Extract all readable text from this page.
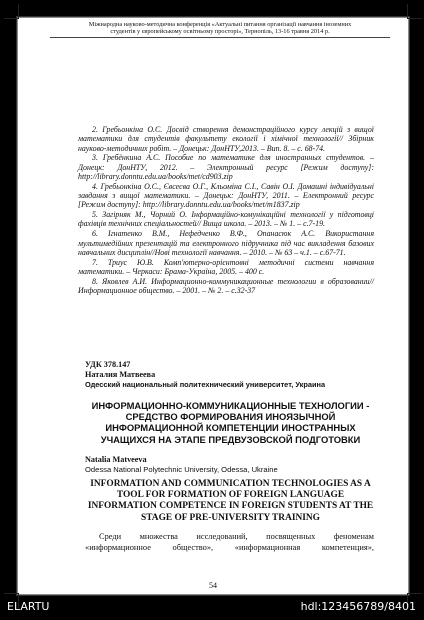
Міжнародна науково-методична конференція «Актуальні питання організації навчання іноземних
студентів у європейському освітньому просторі», Тернопіль, 13-16 травня 2014 р.

2. Гребьонкіна О.С. Досвід створення демонстраційного курсу лекцій з вищої математики для студентів факультету екології і хімічної технології// Збірник науково-методичних робіт. – Донецьк: ДонНТУ,2013. – Вип. 8. – с. 68-74.

3. Гребёнкина А.С. Пособие по математике для иностранных студентов. – Донецк: ДонНТУ, 2012. – Электронный ресурс [Режим доступу]: http://library.donntu.edu.ua/books/met/cd903.zip

4. Гребьонкіна О.С., Євсеєва О.Г., Кльоміна С.І., Савін О.І. Домашні індивідуальні завдання з вищої математики. – Донецьк: ДонНТУ, 2011. – Електронний ресурс [Режим доступу]: http://library.donntu.edu.ua/books/met/m1837.zip

5. Загірняк М., Чорний О. Інформаційно-комунікаційні технології у підготовці фахівців технічних спеціальностей// Вища школа. – 2013. – № 1. – с.7-19.

6. Ігнатенко В.М., Нефедченко В.Ф., Опанасюк А.С. Використання мультимедійних презентацій та електронного підручника під час викладення базових навчальних дисциплін//Нові технології навчання. – 2010. – № 63 – ч.1. – с.67-71.

7. Триус Ю.В. Комп'ютерно-орієнтовні методичні системи навчання математики. – Черкаси: Брама-Україна, 2005. – 400 с.

8. Яковлев А.И. Информационно-коммуникационные технологии в образовании// Информационное общество. – 2001. – № 2. – с.32-37

УДК 378.147
Наталия Матвеева
Одесский национальный политехнический университет, Украина
ИНФОРМАЦИОННО-КОММУНИКАЦИОННЫЕ ТЕХНОЛОГИИ - СРЕДСТВО ФОРМИРОВАНИЯ ИНОЯЗЫЧНОЙ ИНФОРМАЦИОННОЙ КОМПЕТЕНЦИИ ИНОСТРАННЫХ УЧАЩИХСЯ НА ЭТАПЕ ПРЕДВУЗОВСКОЙ ПОДГОТОВКИ
Natalia Matveeva
Odessa National Polytechnic University, Odessa, Ukraine
INFORMATION AND COMMUNICATION TECHNOLOGIES AS A TOOL FOR FORMATION OF FOREIGN LANGUAGE INFORMATION COMPETENCE IN FOREIGN STUDENTS AT THE STAGE OF PRE-UNIVERSITY TRAINING

Среди множества исследований, посвященных феноменам

«информационное общество», «информационная компетенция»,

54
ELARTU	hdl:123456789/8401
